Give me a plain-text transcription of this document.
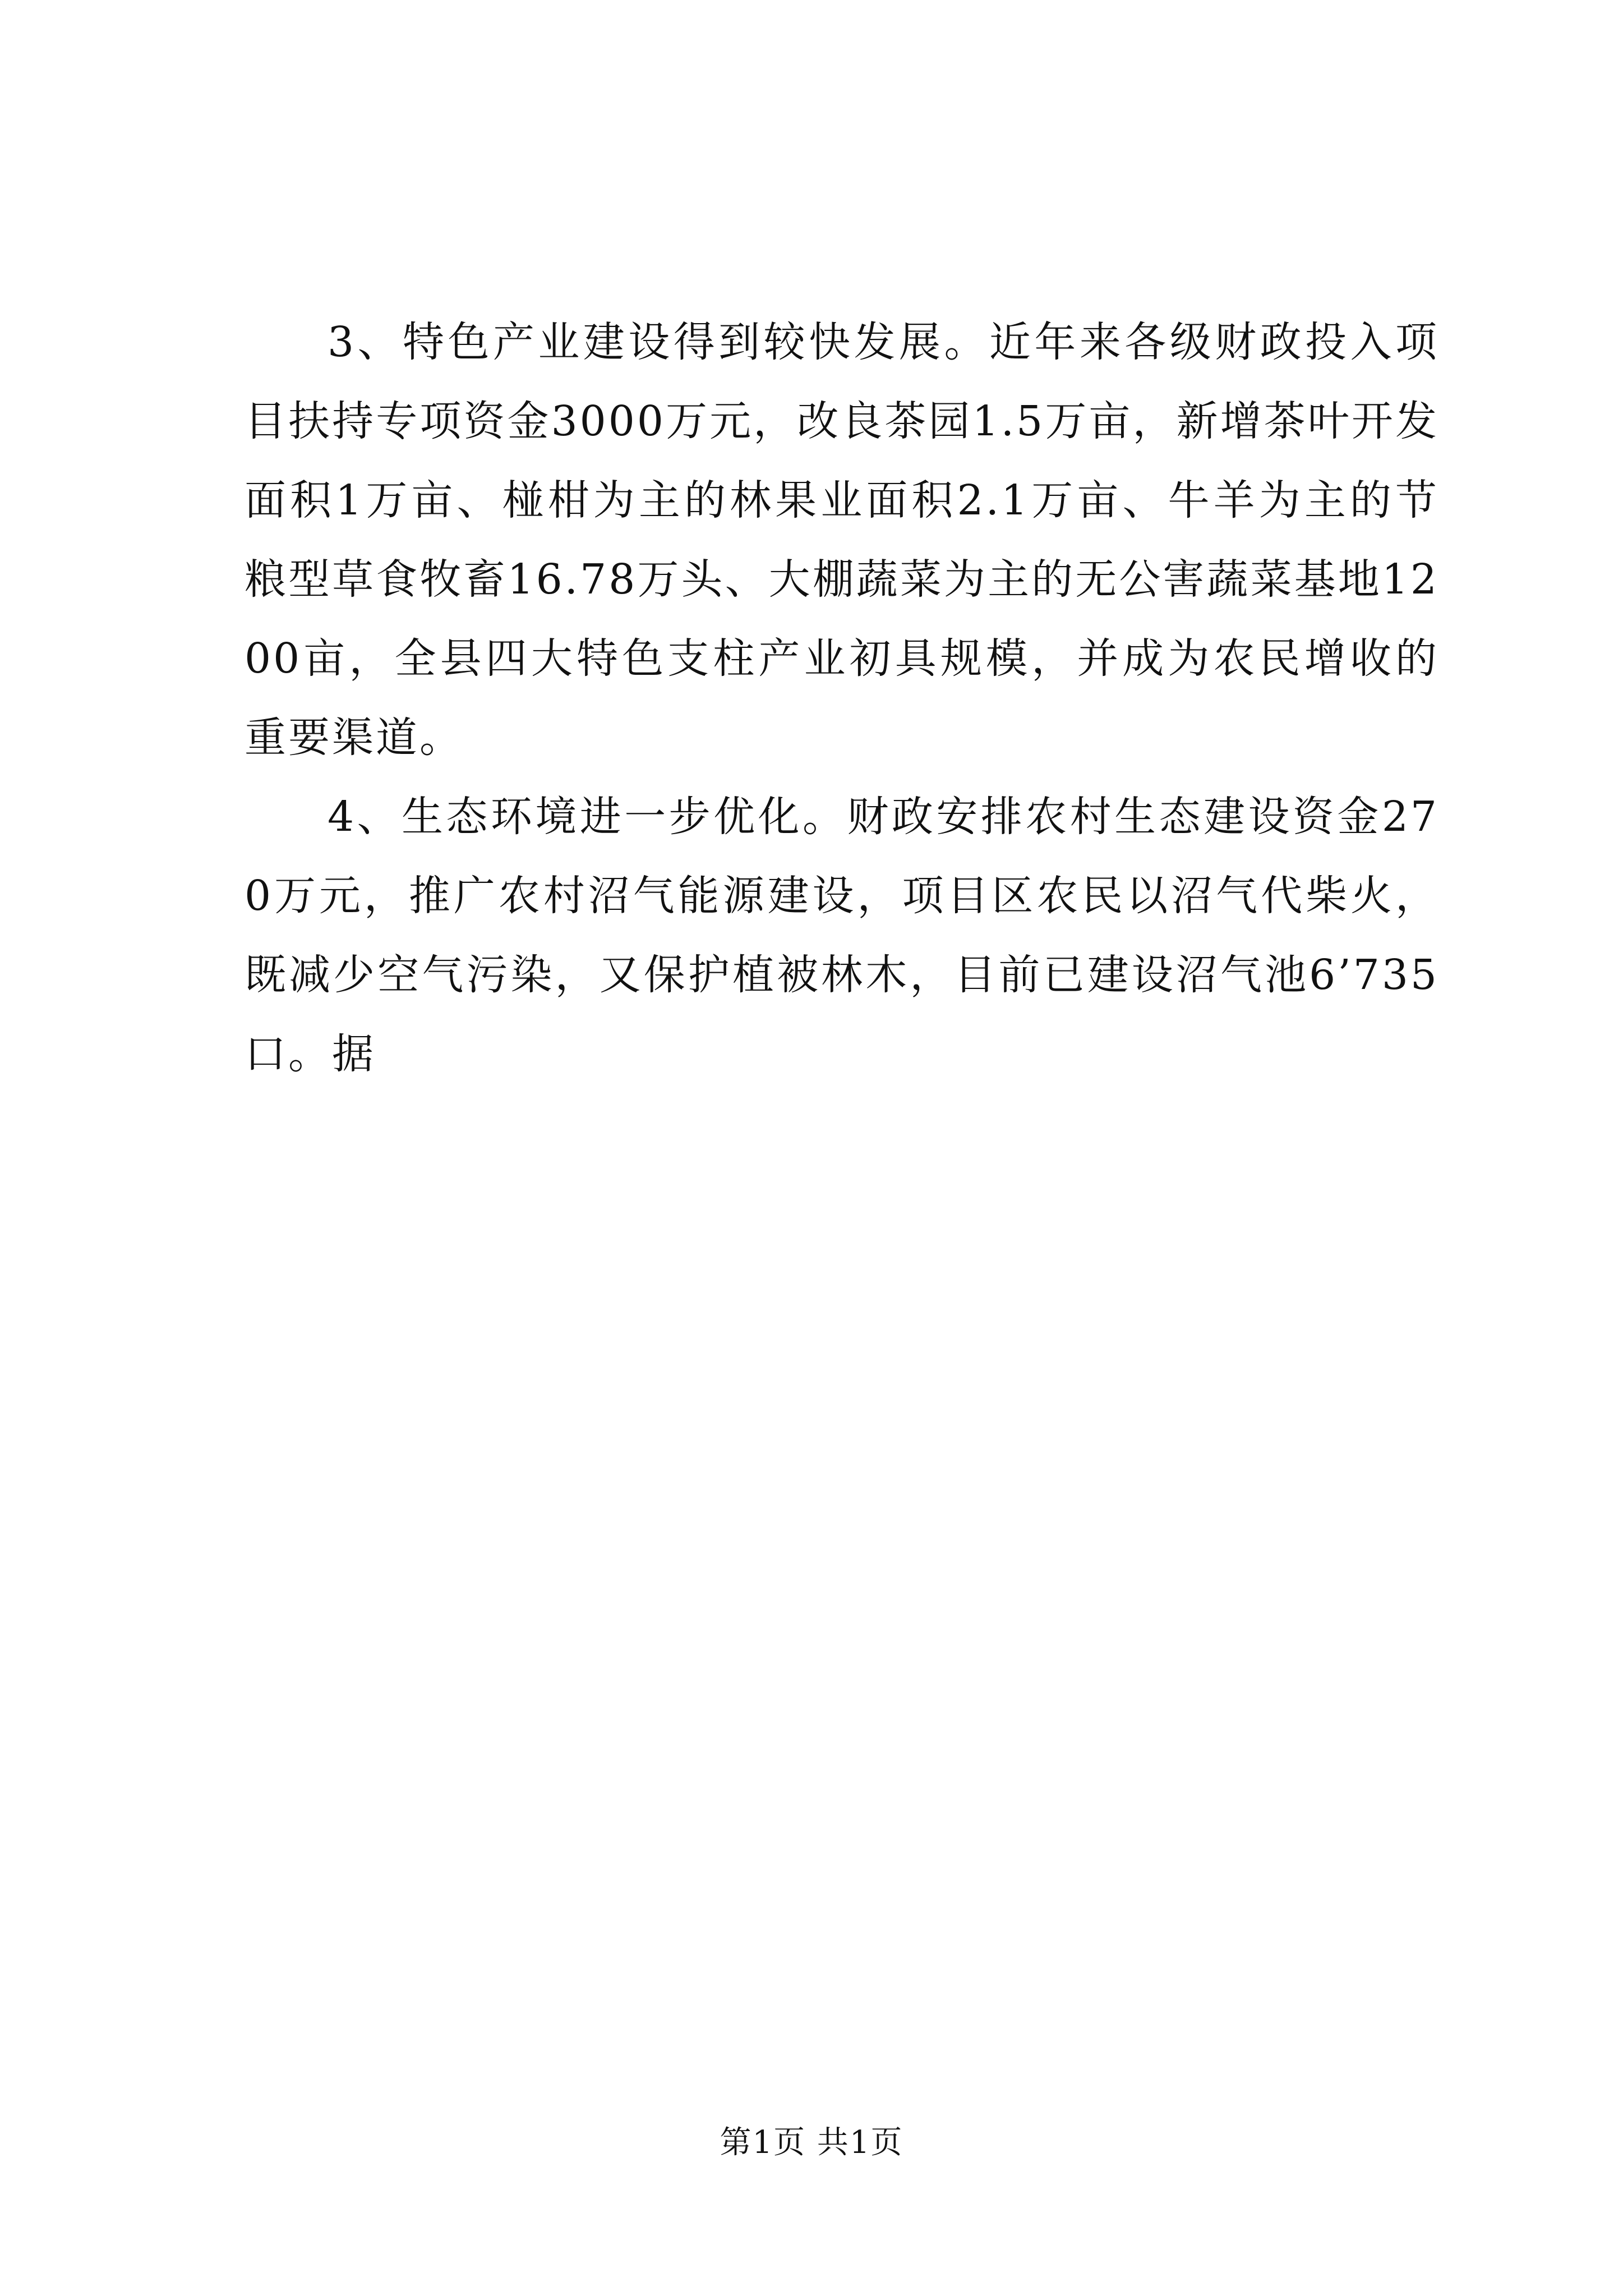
3、特色产业建设得到较快发展。近年来各级财政投入项目扶持专项资金3000万元，改良茶园1.5万亩，新增茶叶开发面积1万亩、椪柑为主的林果业面积2.1万亩、牛羊为主的节粮型草食牧畜16.78万头、大棚蔬菜为主的无公害蔬菜基地1200亩，全县四大特色支柱产业初具规模，并成为农民增收的重要渠道。

4、生态环境进一步优化。财政安排农村生态建设资金270万元，推广农村沼气能源建设，项目区农民以沼气代柴火，既减少空气污染，又保护植被林木，目前已建设沼气池6’735口。据

第1页 共1页
